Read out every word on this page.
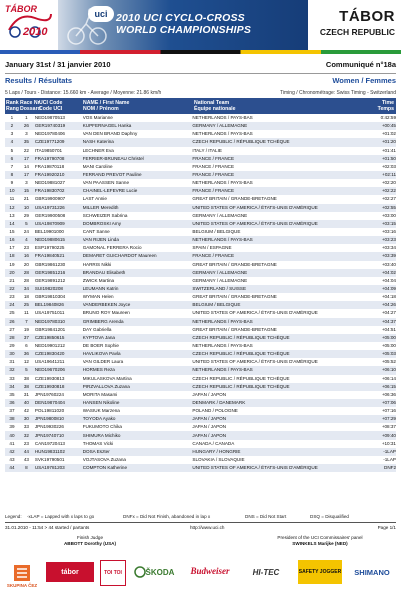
TÁBOR
2010
uci 2010 UCI CYCLO-CROSS
WORLD CHAMPIONSHIPS
TÁBOR
CZECH REPUBLIC
January 31st / 31 janvier 2010	Communiqué n°18a
Results / Résultats	Women / Femmes
5 Laps / Tours - Distance: 15.660 km - Average / Moyenne: 21.86 km/h	Timing / Chronométrage: Swiss Timing - Switzerland
Rank
Rang
Race Nr
Dossard
UCI Code
Code UCI
NAME / First Name
NOM / Prénom
National Team
Équipe nationale
Time
Temps
1	1	NED19870513	VOS Marianne	NETHERLANDS / PAYS-BAS	0:42:59
2	26	GER19740319	KUPFERNAGEL Hanka	GERMANY / ALLEMAGNE	+00:45
3	3	NED19780406	VAN DEN BRAND Daphny	NETHERLANDS / PAYS-BAS	+01:02
4	35	CZE19771209	NASH Katerina	CZECH REPUBLIC / RÉPUBLIQUE TCHÈQUE	+01:20
5	22	ITA19850701	LECHNER Eva	ITALY / ITALIE	+01:41
6	17	FRA19790708	FERRIER-BRUNEAU Christel	FRANCE / FRANCE	+01:50
7	14	FRA19870118	MANI Caroline	FRANCE / FRANCE	+02:03
8	17	FRA19920210	FERRAND PREVOT Pauline	FRANCE / FRANCE	+02:11
9	3	NED19881027	VAN PAASSEN Sanne	NETHERLANDS / PAYS-BAS	+02:20
10	15	FRA19830702	CHAINEL-LEFEVRE Lucie	FRANCE / FRANCE	+02:22
11	21	GBR19900907	LAST Annie	GREAT BRITAIN / GRANDE-BRETAGNE	+02:27
12	10	USA19731226	MILLER Meredith	UNITED STATES OF AMERICA / ÉTATS-UNIS D'AMÉRIQUE	+02:55
13	29	GER19900508	SCHWEIZER Sabrina	GERMANY / ALLEMAGNE	+03:00
14	5	USA19870909	DOMBROSKI Amy	UNITED STATES OF AMERICA / ÉTATS-UNIS D'AMÉRIQUE	+03:15
15	24	BEL19901000	CANT Sanne	BELGIUM / BELGIQUE	+03:16
16	4	NED19880615	VAN RIJEN Linda	NETHERLANDS / PAYS-BAS	+03:23
17	23	ESP19790225	GAMONAL FERRERA Rocio	SPAIN / ESPAGNE	+03:34
18	16	FRA19840521	DEMARET GUICHARDOT Maureen	FRANCE / FRANCE	+03:39
19	20	GBR19861230	HARRIS Nikki	GREAT BRITAIN / GRANDE-BRETAGNE	+03:40
20	28	GER19851216	BRANDAU Elisabeth	GERMANY / ALLEMAGNE	+04:02
21	28	GER19891212	ZWICK Martina	GERMANY / ALLEMAGNE	+04:04
22	34	SUI19820208	LEUMANN Katrin	SWITZERLAND / SUISSE	+04:09
23	18	GBR19810304	WYMAN Helen	GREAT BRITAIN / GRANDE-BRETAGNE	+04:18
24	25	BEL19840826	VANDERBEKEN Joyce	BELGIUM / BELGIQUE	+04:26
25	11	USA19751011	BRUNO ROY Maureen	UNITED STATES OF AMERICA / ÉTATS-UNIS D'AMÉRIQUE	+04:27
26	7	NED19780310	GRIMBERG Arenda	NETHERLANDS / PAYS-BAS	+04:37
27	19	GBR19841201	DAY Gabriella	GREAT BRITAIN / GRANDE-BRETAGNE	+04:51
28	37	CZE19850615	KYPTOVA Jana	CZECH REPUBLIC / RÉPUBLIQUE TCHÈQUE	+05:00
29	6	NED19901212	DE BOER Sophie	NETHERLANDS / PAYS-BAS	+05:00
30	36	CZE19830420	HAVLIKOVA Pavla	CZECH REPUBLIC / RÉPUBLIQUE TCHÈQUE	+05:03
31	12	USA19641211	VAN GILDER Laura	UNITED STATES OF AMERICA / ÉTATS-UNIS D'AMÉRIQUE	+05:52
32	5	NED19670206	HORMES Reza	NETHERLANDS / PAYS-BAS	+06:10
33	38	CZE19930813	MIKULASKOVA Martina	CZECH REPUBLIC / RÉPUBLIQUE TCHÈQUE	+06:14
34	38	CZE19930818	PIRZVALLOVA Zuzana	CZECH REPUBLIC / RÉPUBLIQUE TCHÈQUE	+06:15
35	31	JPN19760224	MORITA Masami	JAPAN / JAPON	+06:36
36	40	DEN19870404	HANSEN Nikoline	DENMARK / DANEMARK	+07:06
37	42	POL19811020	WASIUK Marzena	POLAND / POLOGNE	+07:16
38	30	JPN19800810	TOYODA Ayako	JAPAN / JAPON	+07:29
39	33	JPN19930226	FUKUMOTO Chika	JAPAN / JAPON	+08:37
40	32	JPN19740710	SHIMURA Michiko	JAPAN / JAPON	+09:40
41	23	CAN19720413	THOMAS Vicki	CANADA / CANADA	+10:31
42	44	HUN19831102	DOSA Eszter	HUNGARY / HONGRIE	-1LAP
43	43	SVK19790501	VOJTASOVA Zuzana	SLOVAKIA / SLOVAQUIE	-1LAP
44	8	USA19781203	COMPTON Katherine	UNITED STATES OF AMERICA / ÉTATS-UNIS D'AMÉRIQUE	DNF2
Legend: -xLAP = Lapped with x laps to go	DNFx = Did Not Finish, abandoned in lap x	DNS = Did Not Start	DSQ = Disqualified
31.01.2010 - 11:54 > 44 started / partants	http://www.uci.ch	Page 1/1
Finish Judge
ABBOTT Dorothy (USA)
President of the UCI Commissaires' panel
SWINKELS Marijke (NED)
SKUPINA ČEZ
tábor	TOI TOI	ŠKODA	Budweiser	HI-TEC	SAFETY JOGGER	SHIMANO
